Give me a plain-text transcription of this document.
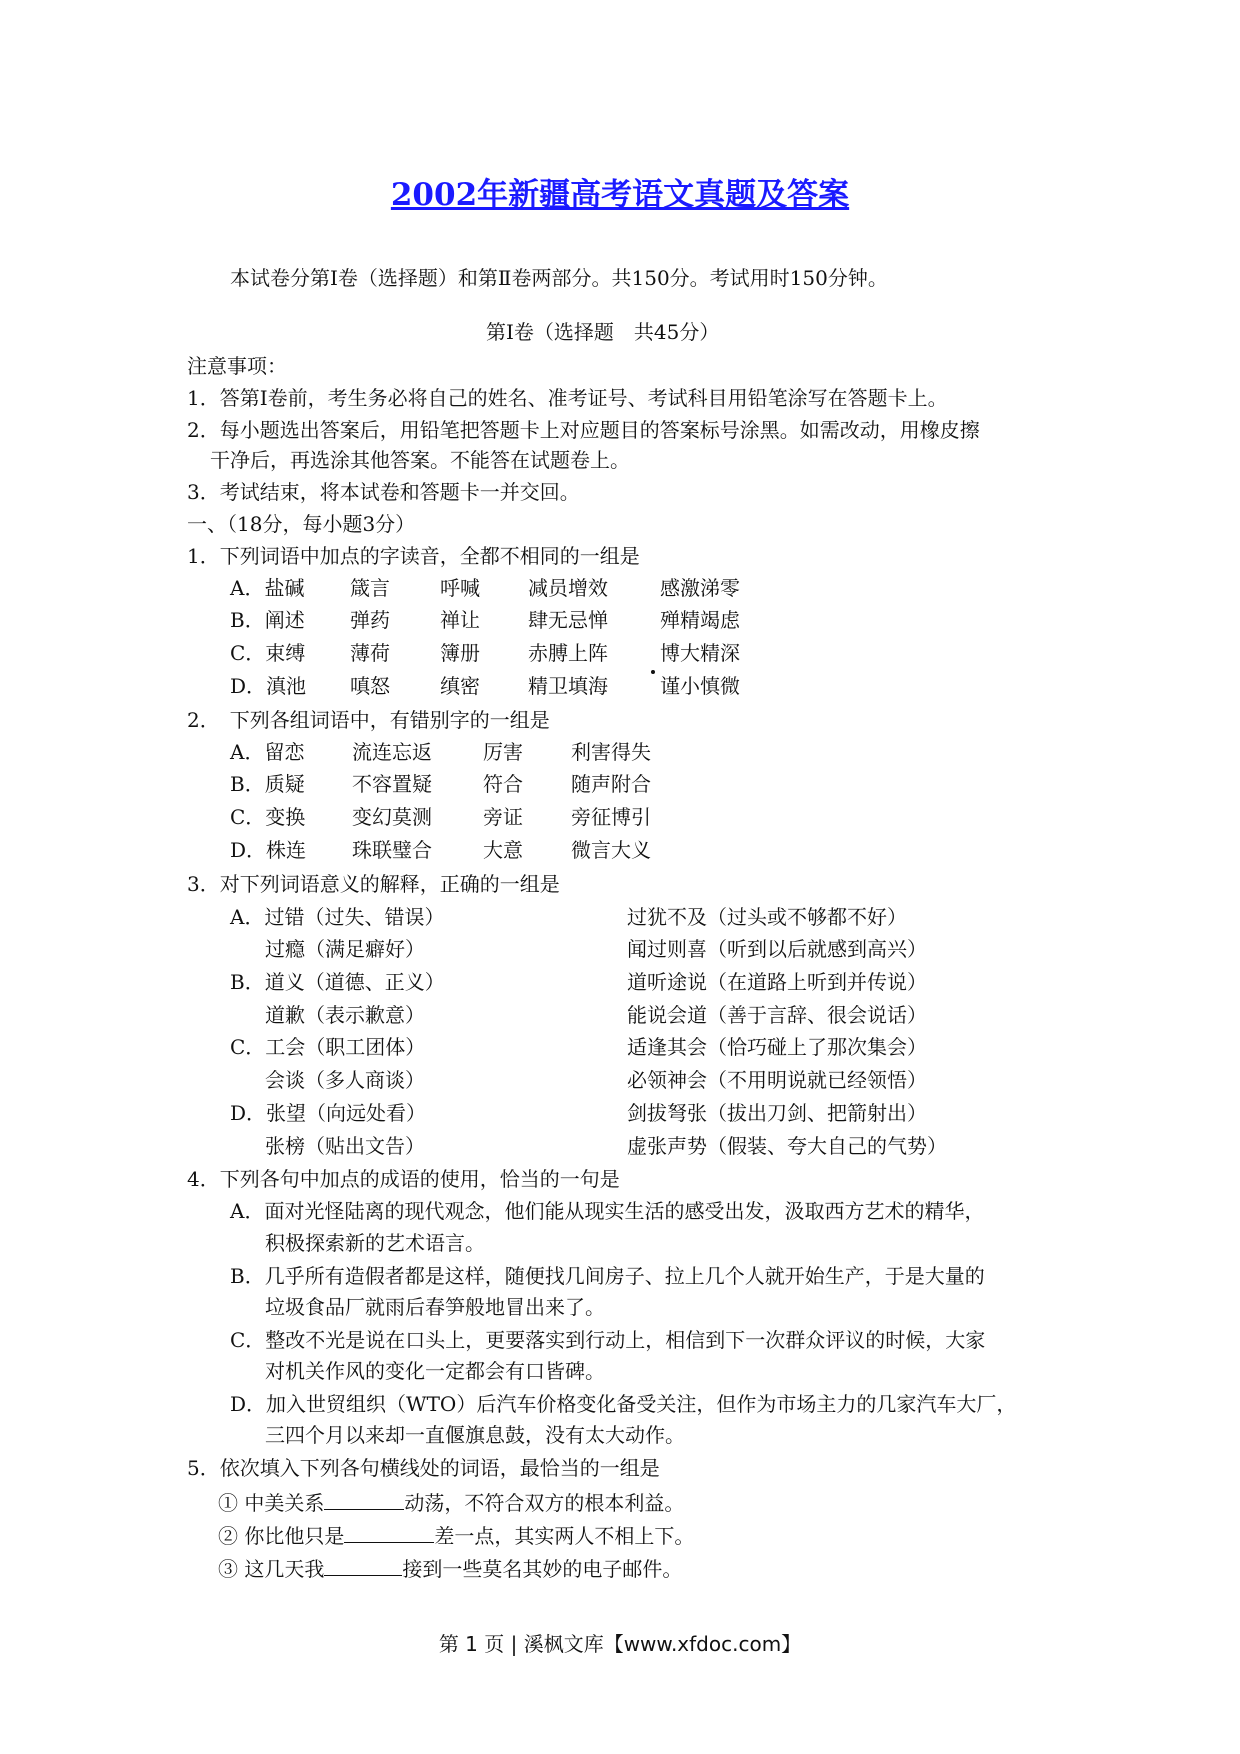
2002年新疆高考语文真题及答案
本试卷分第Ⅰ卷（选择题）和第Ⅱ卷两部分。共150分。考试用时150分钟。
第Ⅰ卷（选择题　共45分）
注意事项：
1．答第Ⅰ卷前，考生务必将自己的姓名、准考证号、考试科目用铅笔涂写在答题卡上。
2．每小题选出答案后，用铅笔把答题卡上对应题目的答案标号涂黑。如需改动，用橡皮擦
干净后，再选涂其他答案。不能答在试题卷上。
3．考试结束，将本试卷和答题卡一并交回。
一、（18分，每小题3分）
1．下列词语中加点的字读音，全都不相同的一组是
A．盐碱 箴言	呼喊 减员增效	感激涕零
B．阐述 弹药	禅让 肆无忌惮	殚精竭虑
C．束缚 薄荷	簿册 赤膊上阵	博大精深
D．滇池 嗔怒	缜密 精卫填海	谨小慎微
2．　下列各组词语中，有错别字的一组是
A．留恋 流连忘返	厉害 利害得失
B．质疑 不容置疑	符合 随声附合
C．变换 变幻莫测	旁证 旁征博引
D．株连 珠联璧合	大意 微言大义
3．对下列词语意义的解释，正确的一组是
A．过错（过失、错误）	过犹不及（过头或不够都不好）
过瘾（满足癖好）	闻过则喜（听到以后就感到高兴）
B．道义（道德、正义）	道听途说（在道路上听到并传说）
道歉（表示歉意）	能说会道（善于言辞、很会说话）
C．工会（职工团体）	适逢其会（恰巧碰上了那次集会）
会谈（多人商谈）	必领神会（不用明说就已经领悟）
D．张望（向远处看）	剑拔弩张（拔出刀剑、把箭射出）
张榜（贴出文告）	虚张声势（假装、夸大自己的气势）
4．下列各句中加点的成语的使用，恰当的一句是
A．面对光怪陆离的现代观念，他们能从现实生活的感受出发，汲取西方艺术的精华，
积极探索新的艺术语言。
B．几乎所有造假者都是这样，随便找几间房子、拉上几个人就开始生产，于是大量的
垃圾食品厂就雨后春笋般地冒出来了。
C．整改不光是说在口头上，更要落实到行动上，相信到下一次群众评议的时候，大家
对机关作风的变化一定都会有口皆碑。
D．加入世贸组织（WTO）后汽车价格变化备受关注，但作为市场主力的几家汽车大厂，
三四个月以来却一直偃旗息鼓，没有太大动作。
5．依次填入下列各句横线处的词语，最恰当的一组是
① 中美关系	动荡，不符合双方的根本利益。
② 你比他只是	差一点，其实两人不相上下。
③ 这几天我	接到一些莫名其妙的电子邮件。
第 1 页 | 溪枫文库【www.xfdoc.com】
